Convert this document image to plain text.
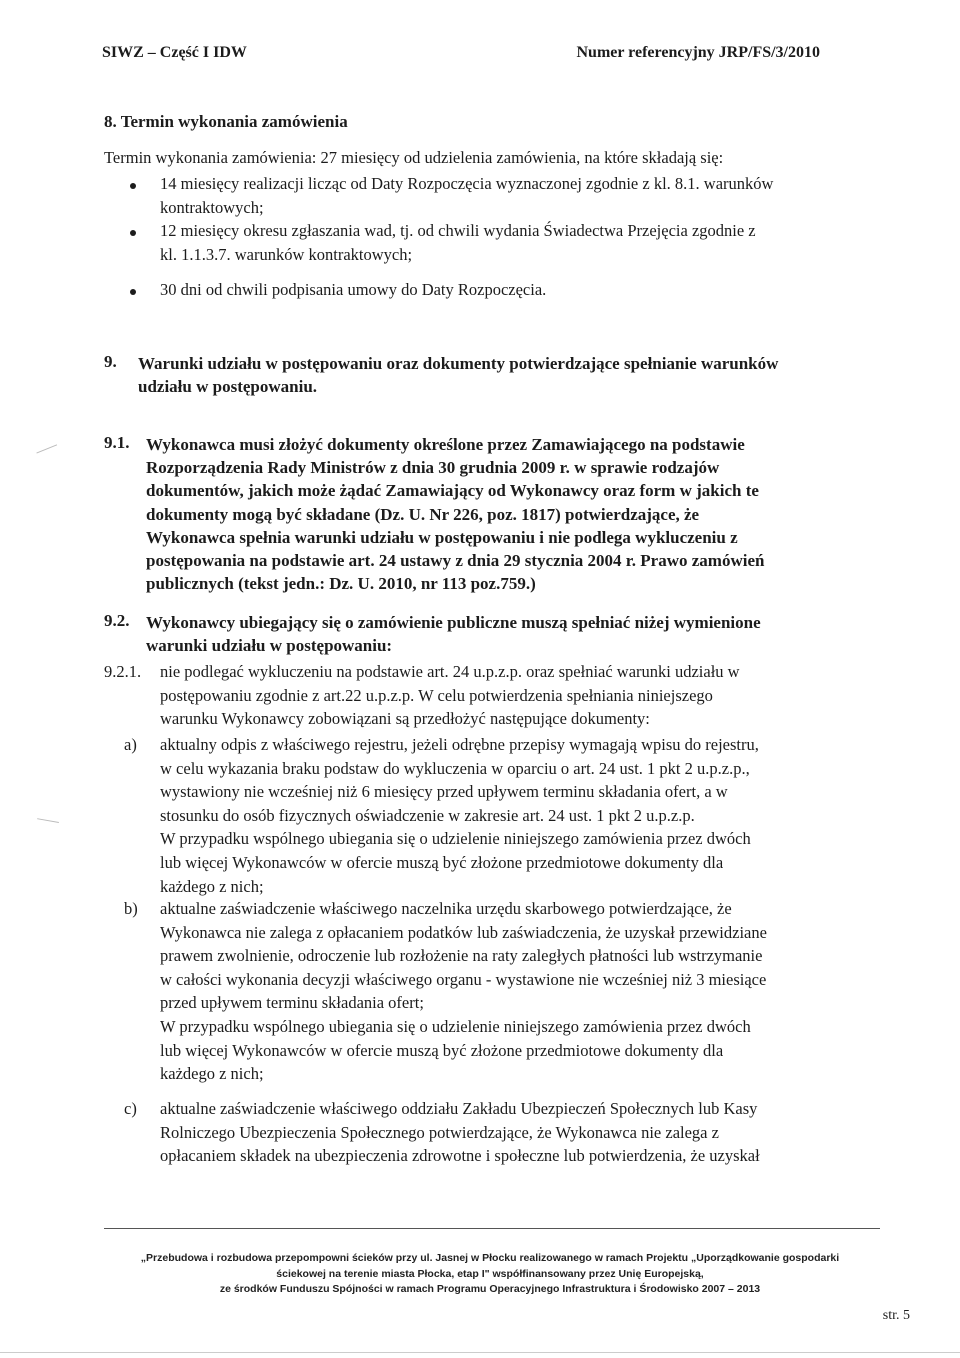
SIWZ – Część I IDW	Numer referencyjny JRP/FS/3/2010
8. Termin wykonania zamówienia
Termin wykonania zamówienia: 27 miesięcy od udzielenia zamówienia, na które składają się:
14 miesięcy realizacji licząc od Daty Rozpoczęcia wyznaczonej zgodnie z kl. 8.1. warunków
kontraktowych;
12 miesięcy okresu zgłaszania wad, tj. od chwili wydania Świadectwa Przejęcia zgodnie z
kl. 1.1.3.7. warunków kontraktowych;
30 dni od chwili podpisania umowy do Daty Rozpoczęcia.
9. Warunki udziału w postępowaniu oraz dokumenty potwierdzające spełnianie warunków
udziału w postępowaniu.
9.1. Wykonawca musi złożyć dokumenty określone przez Zamawiającego na podstawie
Rozporządzenia Rady Ministrów z dnia 30 grudnia 2009 r. w sprawie rodzajów
dokumentów, jakich może żądać Zamawiający od Wykonawcy oraz form w jakich te
dokumenty mogą być składane (Dz. U. Nr 226, poz. 1817) potwierdzające, że
Wykonawca spełnia warunki udziału w postępowaniu i nie podlega wykluczeniu z
postępowania na podstawie art. 24 ustawy z dnia 29 stycznia 2004 r. Prawo zamówień
publicznych (tekst jedn.: Dz. U. 2010, nr 113 poz.759.)
9.2. Wykonawcy ubiegający się o zamówienie publiczne muszą spełniać niżej wymienione
warunki udziału w postępowaniu:
9.2.1. nie podlegać wykluczeniu na podstawie art. 24 u.p.z.p. oraz spełniać warunki udziału w
postępowaniu zgodnie z art.22 u.p.z.p. W celu potwierdzenia spełniania niniejszego
warunku Wykonawcy zobowiązani są przedłożyć następujące dokumenty:
a) aktualny odpis z właściwego rejestru, jeżeli odrębne przepisy wymagają wpisu do rejestru,
w celu wykazania braku podstaw do wykluczenia w oparciu o art. 24 ust. 1 pkt 2 u.p.z.p.,
wystawiony nie wcześniej niż 6 miesięcy przed upływem terminu składania ofert, a w
stosunku do osób fizycznych oświadczenie w zakresie art. 24 ust. 1 pkt 2 u.p.z.p.
W przypadku wspólnego ubiegania się o udzielenie niniejszego zamówienia przez dwóch
lub więcej Wykonawców w ofercie muszą być złożone przedmiotowe dokumenty dla
każdego z nich;
b) aktualne zaświadczenie właściwego naczelnika urzędu skarbowego potwierdzające, że
Wykonawca nie zalega z opłacaniem podatków lub zaświadczenia, że uzyskał przewidziane
prawem zwolnienie, odroczenie lub rozłożenie na raty zaległych płatności lub wstrzymanie
w całości wykonania decyzji właściwego organu - wystawione nie wcześniej niż 3 miesiące
przed upływem terminu składania ofert;
W przypadku wspólnego ubiegania się o udzielenie niniejszego zamówienia przez dwóch
lub więcej Wykonawców w ofercie muszą być złożone przedmiotowe dokumenty dla
każdego z nich;
c) aktualne zaświadczenie właściwego oddziału Zakładu Ubezpieczeń Społecznych lub Kasy
Rolniczego Ubezpieczenia Społecznego potwierdzające, że Wykonawca nie zalega z
opłacaniem składek na ubezpieczenia zdrowotne i społeczne lub potwierdzenia, że uzyskał
„Przebudowa i rozbudowa przepompowni ścieków przy ul. Jasnej w Płocku realizowanego w ramach Projektu „Uporządkowanie gospodarki
ściekowej na terenie miasta Płocka, etap I" współfinansowany przez Unię Europejską,
ze środków Funduszu Spójności w ramach Programu Operacyjnego Infrastruktura i Środowisko 2007 – 2013
str. 5
